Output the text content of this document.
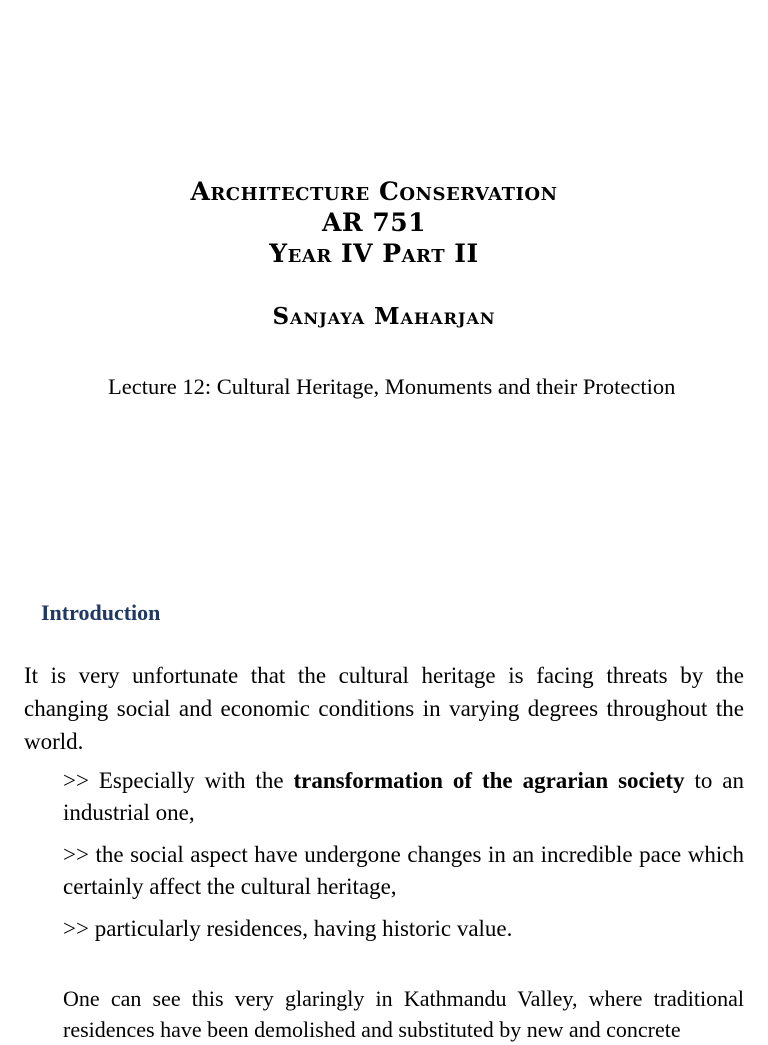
Architecture Conservation
AR 751
Year IV Part II
Sanjaya Maharjan
Lecture 12: Cultural Heritage, Monuments and their Protection
Introduction
It is very unfortunate that the cultural heritage is facing threats by the changing social and economic conditions in varying degrees throughout the world.

>> Especially with the transformation of the agrarian society to an industrial one,

>> the social aspect have undergone changes in an incredible pace which certainly affect the cultural heritage,

>> particularly residences, having historic value.

One can see this very glaringly in Kathmandu Valley, where traditional residences have been demolished and substituted by new and concrete
